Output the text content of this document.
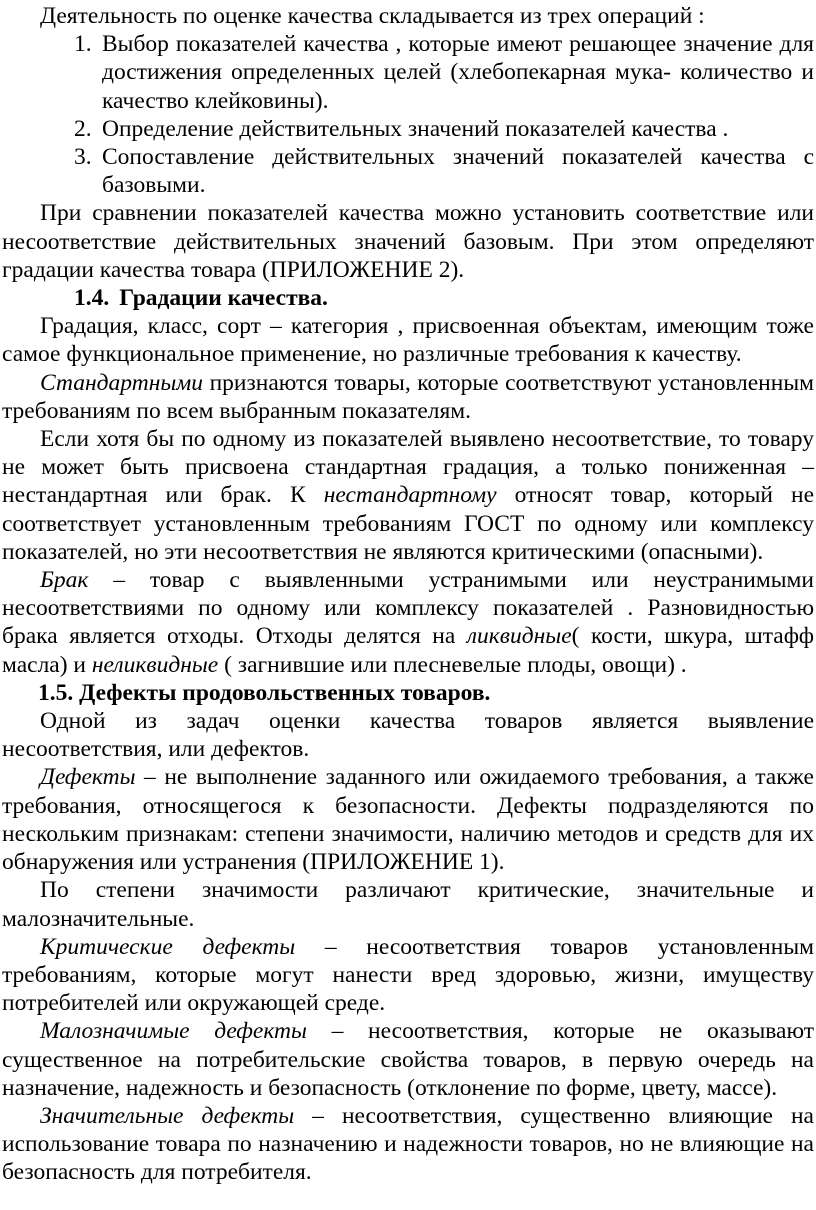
Деятельность по оценке качества складывается из трех операций :

1. Выбор показателей качества , которые имеют решающее значение для достижения определенных целей (хлебопекарная мука- количество и качество клейковины).
2. Определение действительных значений показателей качества .
3. Сопоставление действительных значений показателей качества с базовыми.

При сравнении показателей качества можно установить соответствие или несоответствие действительных значений базовым. При этом определяют градации качества товара (ПРИЛОЖЕНИЕ 2).

1.4. Градации качества.

Градация, класс, сорт – категория , присвоенная объектам, имеющим тоже самое функциональное применение, но различные требования к качеству.

Стандартными признаются товары, которые соответствуют установленным требованиям по всем выбранным показателям.

Если хотя бы по одному из показателей выявлено несоответствие, то товару не может быть присвоена стандартная градация, а только пониженная – нестандартная или брак. К нестандартному относят товар, который не соответствует установленным требованиям ГОСТ по одному или комплексу показателей, но эти несоответствия не являются критическими (опасными).

Брак – товар с выявленными устранимыми или неустранимыми несоответствиями по одному или комплексу показателей . Разновидностью брака является отходы. Отходы делятся на ликвидные( кости, шкура, штафф масла) и неликвидные ( загнившие или плесневелые плоды, овощи) .

1.5. Дефекты продовольственных товаров.

Одной из задач оценки качества товаров является выявление несоответствия, или дефектов.

Дефекты – не выполнение заданного или ожидаемого требования, а также требования, относящегося к безопасности. Дефекты подразделяются по нескольким признакам: степени значимости, наличию методов и средств для их обнаружения или устранения (ПРИЛОЖЕНИЕ 1).

По степени значимости различают критические, значительные и малозначительные.

Критические дефекты – несоответствия товаров установленным требованиям, которые могут нанести вред здоровью, жизни, имуществу потребителей или окружающей среде.

Малозначимые дефекты – несоответствия, которые не оказывают существенное на потребительские свойства товаров, в первую очередь на назначение, надежность и безопасность (отклонение по форме, цвету, массе).

Значительные дефекты – несоответствия, существенно влияющие на использование товара по назначению и надежности товаров, но не влияющие на безопасность для потребителя.
